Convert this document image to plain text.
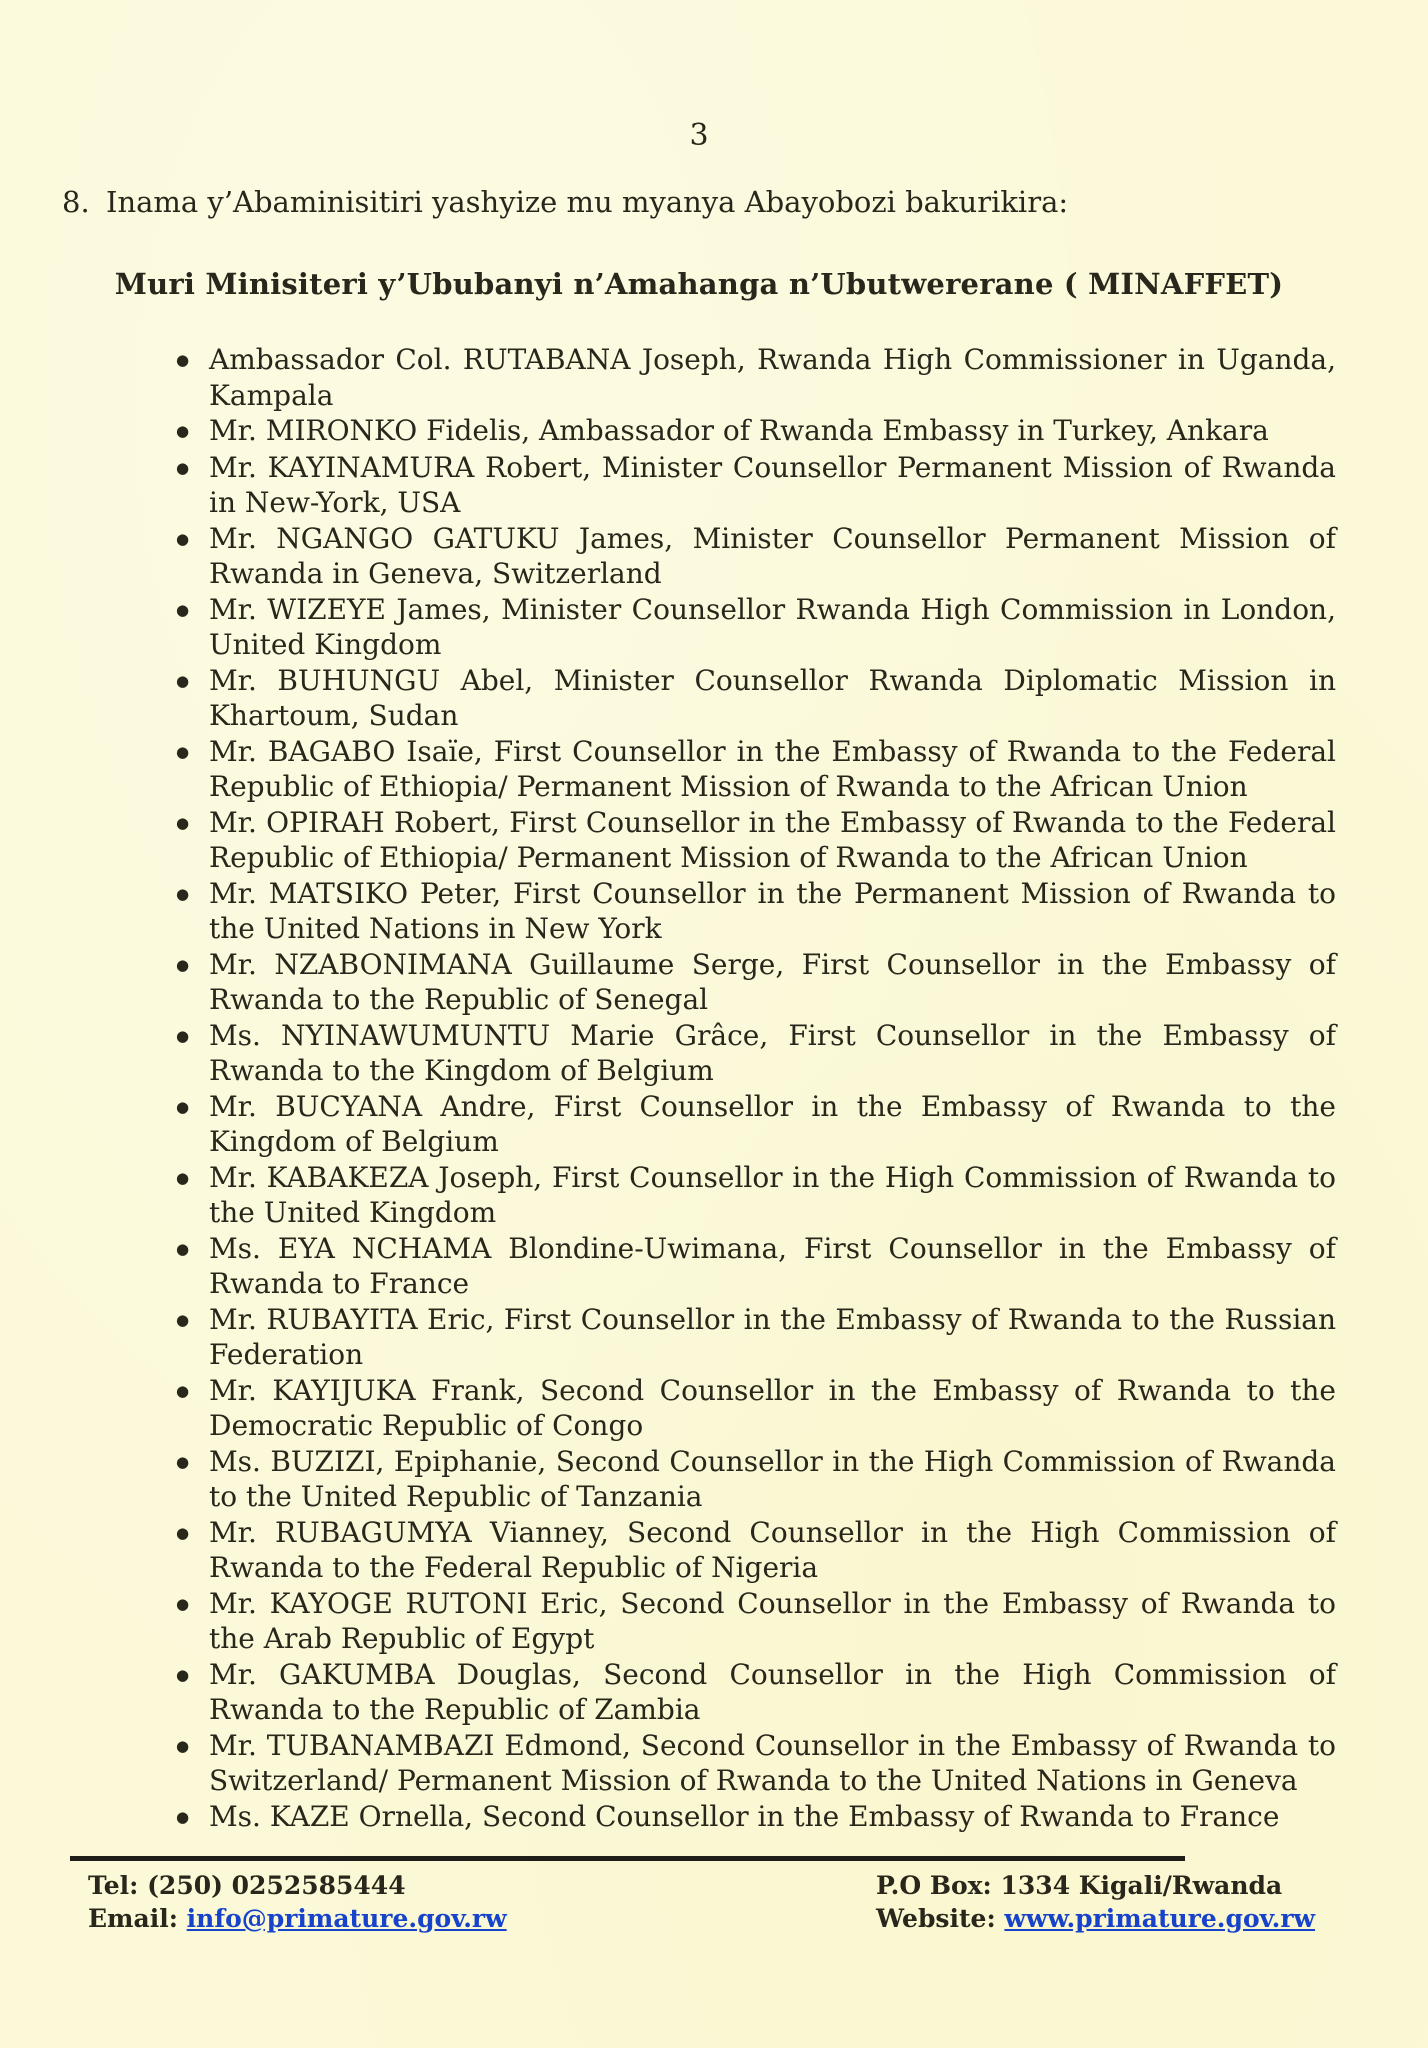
3
8. Inama y’Abaminisitiri yashyize mu myanya Abayobozi bakurikira:
Muri Minisiteri y’Ububanyi n’Amahanga n’Ubutwererane ( MINAFFET)
● Ambassador Col. RUTABANA Joseph, Rwanda High Commissioner in Uganda, Kampala
● Mr. MIRONKO Fidelis, Ambassador of Rwanda Embassy in Turkey, Ankara
● Mr. KAYINAMURA Robert, Minister Counsellor Permanent Mission of Rwanda in New-York, USA
● Mr. NGANGO GATUKU James, Minister Counsellor Permanent Mission of Rwanda in Geneva, Switzerland
● Mr. WIZEYE James, Minister Counsellor Rwanda High Commission in London, United Kingdom
● Mr. BUHUNGU Abel, Minister Counsellor Rwanda Diplomatic Mission in Khartoum, Sudan
● Mr. BAGABO Isaïe, First Counsellor in the Embassy of Rwanda to the Federal Republic of Ethiopia/ Permanent Mission of Rwanda to the African Union
● Mr. OPIRAH Robert, First Counsellor in the Embassy of Rwanda to the Federal Republic of Ethiopia/ Permanent Mission of Rwanda to the African Union
● Mr. MATSIKO Peter, First Counsellor in the Permanent Mission of Rwanda to the United Nations in New York
● Mr. NZABONIMANA Guillaume Serge, First Counsellor in the Embassy of Rwanda to the Republic of Senegal
● Ms. NYINAWUMUNTU Marie Grâce, First Counsellor in the Embassy of Rwanda to the Kingdom of Belgium
● Mr. BUCYANA Andre, First Counsellor in the Embassy of Rwanda to the Kingdom of Belgium
● Mr. KABAKEZA Joseph, First Counsellor in the High Commission of Rwanda to the United Kingdom
● Ms. EYA NCHAMA Blondine-Uwimana, First Counsellor in the Embassy of Rwanda to France
● Mr. RUBAYITA Eric, First Counsellor in the Embassy of Rwanda to the Russian Federation
● Mr. KAYIJUKA Frank, Second Counsellor in the Embassy of Rwanda to the Democratic Republic of Congo
● Ms. BUZIZI, Epiphanie, Second Counsellor in the High Commission of Rwanda to the United Republic of Tanzania
● Mr. RUBAGUMYA Vianney, Second Counsellor in the High Commission of Rwanda to the Federal Republic of Nigeria
● Mr. KAYOGE RUTONI Eric, Second Counsellor in the Embassy of Rwanda to the Arab Republic of Egypt
● Mr. GAKUMBA Douglas, Second Counsellor in the High Commission of Rwanda to the Republic of Zambia
● Mr. TUBANAMBAZI Edmond, Second Counsellor in the Embassy of Rwanda to Switzerland/ Permanent Mission of Rwanda to the United Nations in Geneva
● Ms. KAZE Ornella, Second Counsellor in the Embassy of Rwanda to France
Tel: (250) 0252585444
Email: info@primature.gov.rw
P.O Box: 1334 Kigali/Rwanda
Website: www.primature.gov.rw
